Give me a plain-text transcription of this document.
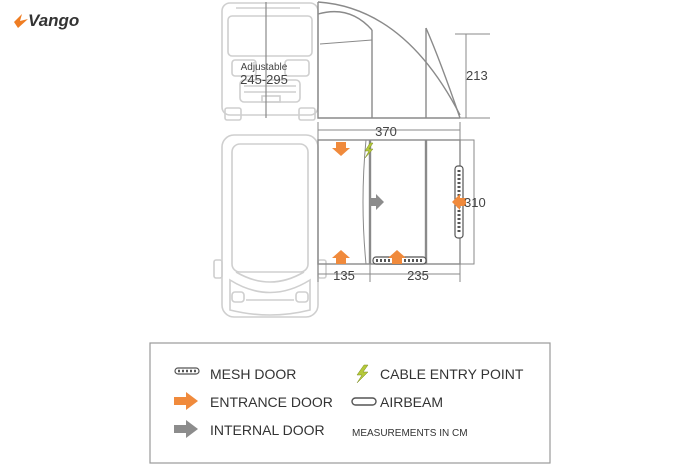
Vango
Adjustable
245-295	213
370
310
135	235
MESH DOOR
ENTRANCE DOOR
INTERNAL DOOR
CABLE ENTRY POINT
AIRBEAM
MEASUREMENTS IN CM
